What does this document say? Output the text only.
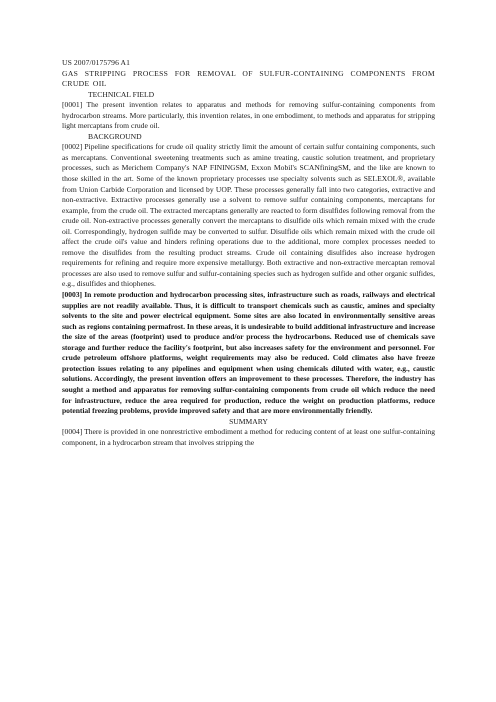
US 2007/0175796 A1

GAS STRIPPING PROCESS FOR REMOVAL OF SULFUR-CONTAINING COMPONENTS FROM CRUDE OIL

TECHNICAL FIELD

[0001] The present invention relates to apparatus and methods for removing sulfur-containing components from hydrocarbon streams. More particularly, this invention relates, in one embodiment, to methods and apparatus for stripping light mercaptans from crude oil.

BACKGROUND

[0002] Pipeline specifications for crude oil quality strictly limit the amount of certain sulfur containing components, such as mercaptans. Conventional sweetening treatments such as amine treating, caustic solution treatment, and proprietary processes, such as Merichem Company's NAP FININGSM, Exxon Mobil's SCANfiningSM, and the like are known to those skilled in the art. Some of the known proprietary processes use specialty solvents such as SELEXOL®, available from Union Carbide Corporation and licensed by UOP. These processes generally fall into two categories, extractive and non-extractive. Extractive processes generally use a solvent to remove sulfur containing components, mercaptans for example, from the crude oil. The extracted mercaptans generally are reacted to form disulfides following removal from the crude oil. Non-extractive processes generally convert the mercaptans to disulfide oils which remain mixed with the crude oil. Correspondingly, hydrogen sulfide may be converted to sulfur. Disulfide oils which remain mixed with the crude oil affect the crude oil's value and hinders refining operations due to the additional, more complex processes needed to remove the disulfides from the resulting product streams. Crude oil containing disulfides also increase hydrogen requirements for refining and require more expensive metallurgy. Both extractive and non-extractive mercaptan removal processes are also used to remove sulfur and sulfur-containing species such as hydrogen sulfide and other organic sulfides, e.g., disulfides and thiophenes.

[0003] In remote production and hydrocarbon processing sites, infrastructure such as roads, railways and electrical supplies are not readily available. Thus, it is difficult to transport chemicals such as caustic, amines and specialty solvents to the site and power electrical equipment. Some sites are also located in environmentally sensitive areas such as regions containing permafrost. In these areas, it is undesirable to build additional infrastructure and increase the size of the areas (footprint) used to produce and/or process the hydrocarbons. Reduced use of chemicals save storage and further reduce the facility's footprint, but also increases safety for the environment and personnel. For crude petroleum offshore platforms, weight requirements may also be reduced. Cold climates also have freeze protection issues relating to any pipelines and equipment when using chemicals diluted with water, e.g., caustic solutions. Accordingly, the present invention offers an improvement to these processes. Therefore, the industry has sought a method and apparatus for removing sulfur-containing components from crude oil which reduce the need for infrastructure, reduce the area required for production, reduce the weight on production platforms, reduce potential freezing problems, provide improved safety and that are more environmentally friendly.

SUMMARY

[0004] There is provided in one nonrestrictive embodiment a method for reducing content of at least one sulfur-containing component, in a hydrocarbon stream that involves stripping the
